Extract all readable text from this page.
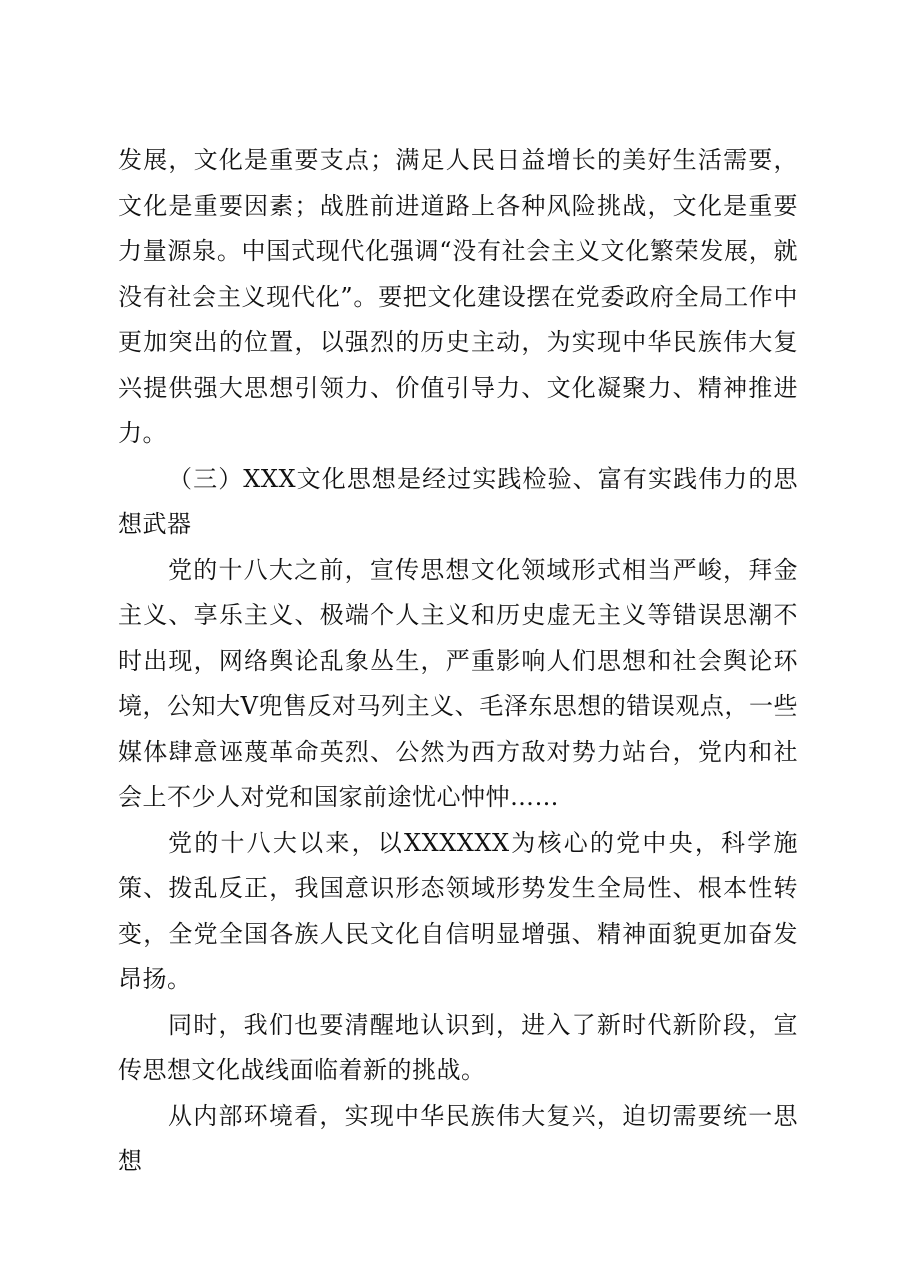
发展，文化是重要支点；满足人民日益增长的美好生活需要，文化是重要因素；战胜前进道路上各种风险挑战，文化是重要力量源泉。中国式现代化强调“没有社会主义文化繁荣发展，就没有社会主义现代化”。要把文化建设摆在党委政府全局工作中更加突出的位置，以强烈的历史主动，为实现中华民族伟大复兴提供强大思想引领力、价值引导力、文化凝聚力、精神推进力。

（三）XXX文化思想是经过实践检验、富有实践伟力的思想武器

党的十八大之前，宣传思想文化领域形式相当严峻，拜金主义、享乐主义、极端个人主义和历史虚无主义等错误思潮不时出现，网络舆论乱象丛生，严重影响人们思想和社会舆论环境，公知大V兜售反对马列主义、毛泽东思想的错误观点，一些媒体肆意诬蔑革命英烈、公然为西方敌对势力站台，党内和社会上不少人对党和国家前途忧心忡忡……

党的十八大以来，以XXXXXX为核心的党中央，科学施策、拨乱反正，我国意识形态领域形势发生全局性、根本性转变，全党全国各族人民文化自信明显增强、精神面貌更加奋发昂扬。

同时，我们也要清醒地认识到，进入了新时代新阶段，宣传思想文化战线面临着新的挑战。

从内部环境看，实现中华民族伟大复兴，迫切需要统一思想
